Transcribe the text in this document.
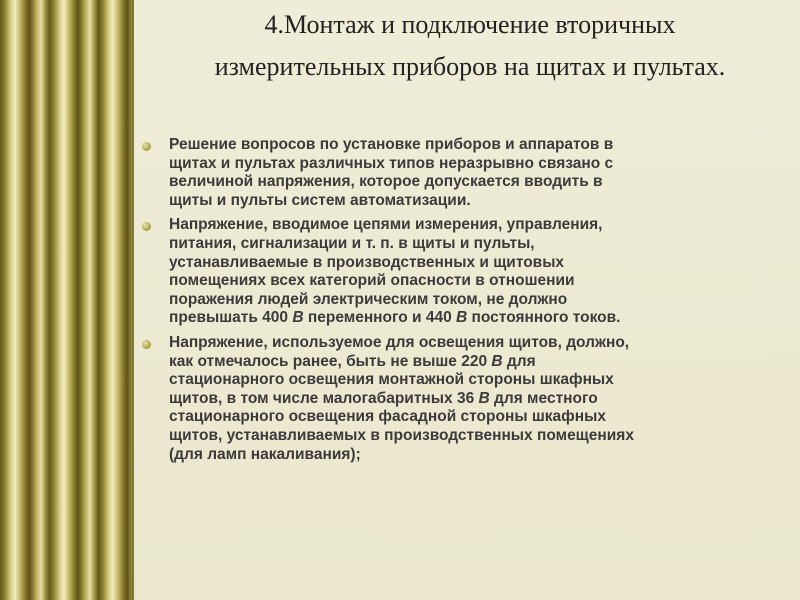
4.Монтаж и подключение вторичных
измерительных приборов на щитах и пультах.
Решение вопросов по установке приборов и аппаратов в
щитах и пультах различных типов неразрывно связано с
величиной напряжения, которое допускается вводить в
щиты и пульты систем автоматизации.
Напряжение, вводимое цепями измерения, управления,
питания, сигнализации и т. п. в щиты и пульты,
устанавливаемые в производственных и щитовых
помещениях всех категорий опасности в отношении
поражения людей электрическим током, не должно
превышать 400 В переменного и 440 В постоянного токов.
Напряжение, используемое для освещения щитов, должно,
как отмечалось ранее, быть не выше 220 В для
стационарного освещения монтажной стороны шкафных
щитов, в том числе малогабаритных 36 В для местного
стационарного освещения фасадной стороны шкафных
щитов, устанавливаемых в производственных помещениях
(для ламп накаливания);
